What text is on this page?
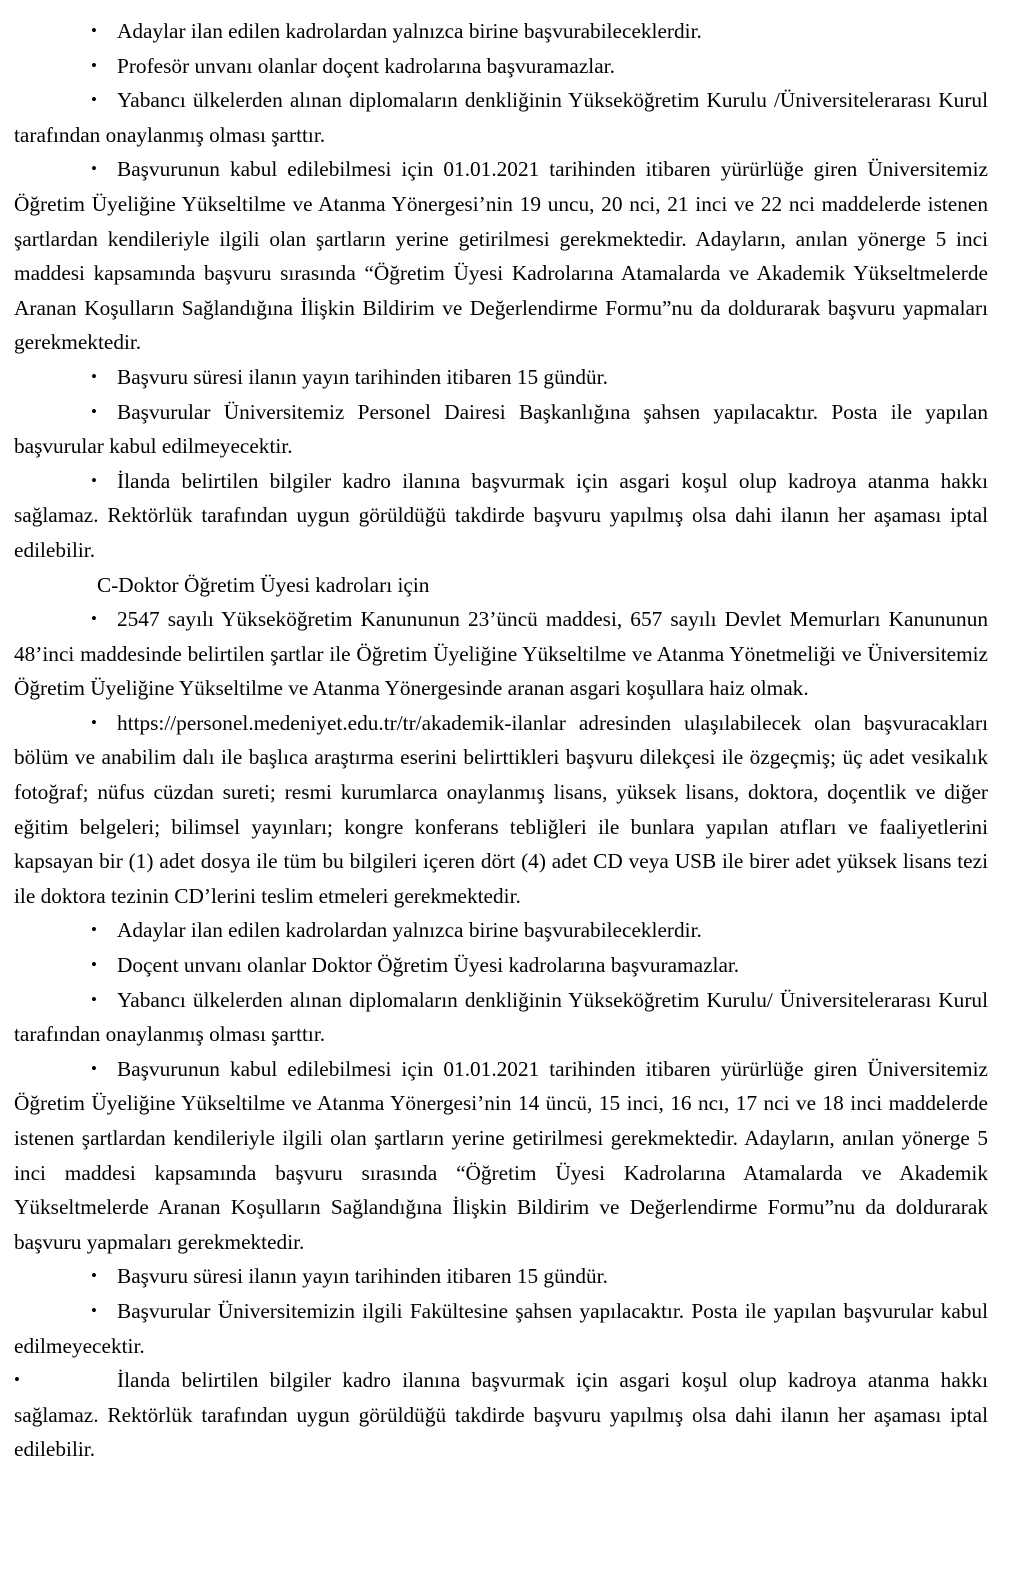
• Adaylar ilan edilen kadrolardan yalnızca birine başvurabileceklerdir.

• Profesör unvanı olanlar doçent kadrolarına başvuramazlar.

• Yabancı ülkelerden alınan diplomaların denkliğinin Yükseköğretim Kurulu /Üniversitelerarası Kurul tarafından onaylanmış olması şarttır.

• Başvurunun kabul edilebilmesi için 01.01.2021 tarihinden itibaren yürürlüğe giren Üniversitemiz Öğretim Üyeliğine Yükseltilme ve Atanma Yönergesi’nin 19 uncu, 20 nci, 21 inci ve 22 nci maddelerde istenen şartlardan kendileriyle ilgili olan şartların yerine getirilmesi gerekmektedir. Adayların, anılan yönerge 5 inci maddesi kapsamında başvuru sırasında “Öğretim Üyesi Kadrolarına Atamalarda ve Akademik Yükseltmelerde Aranan Koşulların Sağlandığına İlişkin Bildirim ve Değerlendirme Formu”nu da doldurarak başvuru yapmaları gerekmektedir.

• Başvuru süresi ilanın yayın tarihinden itibaren 15 gündür.

• Başvurular Üniversitemiz Personel Dairesi Başkanlığına şahsen yapılacaktır. Posta ile yapılan başvurular kabul edilmeyecektir.

• İlanda belirtilen bilgiler kadro ilanına başvurmak için asgari koşul olup kadroya atanma hakkı sağlamaz. Rektörlük tarafından uygun görüldüğü takdirde başvuru yapılmış olsa dahi ilanın her aşaması iptal edilebilir.

C-Doktor Öğretim Üyesi kadroları için

• 2547 sayılı Yükseköğretim Kanununun 23’üncü maddesi, 657 sayılı Devlet Memurları Kanununun 48’inci maddesinde belirtilen şartlar ile Öğretim Üyeliğine Yükseltilme ve Atanma Yönetmeliği ve Üniversitemiz Öğretim Üyeliğine Yükseltilme ve Atanma Yönergesinde aranan asgari koşullara haiz olmak.

• https://personel.medeniyet.edu.tr/tr/akademik-ilanlar adresinden ulaşılabilecek olan başvuracakları bölüm ve anabilim dalı ile başlıca araştırma eserini belirttikleri başvuru dilekçesi ile özgeçmiş; üç adet vesikalık fotoğraf; nüfus cüzdan sureti; resmi kurumlarca onaylanmış lisans, yüksek lisans, doktora, doçentlik ve diğer eğitim belgeleri; bilimsel yayınları; kongre konferans tebliğleri ile bunlara yapılan atıfları ve faaliyetlerini kapsayan bir (1) adet dosya ile tüm bu bilgileri içeren dört (4) adet CD veya USB ile birer adet yüksek lisans tezi ile doktora tezinin CD’lerini teslim etmeleri gerekmektedir.

• Adaylar ilan edilen kadrolardan yalnızca birine başvurabileceklerdir.

• Doçent unvanı olanlar Doktor Öğretim Üyesi kadrolarına başvuramazlar.

• Yabancı ülkelerden alınan diplomaların denkliğinin Yükseköğretim Kurulu/ Üniversitelerarası Kurul tarafından onaylanmış olması şarttır.

• Başvurunun kabul edilebilmesi için 01.01.2021 tarihinden itibaren yürürlüğe giren Üniversitemiz Öğretim Üyeliğine Yükseltilme ve Atanma Yönergesi’nin 14 üncü, 15 inci, 16 ncı, 17 nci ve 18 inci maddelerde istenen şartlardan kendileriyle ilgili olan şartların yerine getirilmesi gerekmektedir. Adayların, anılan yönerge 5 inci maddesi kapsamında başvuru sırasında “Öğretim Üyesi Kadrolarına Atamalarda ve Akademik Yükseltmelerde Aranan Koşulların Sağlandığına İlişkin Bildirim ve Değerlendirme Formu”nu da doldurarak başvuru yapmaları gerekmektedir.

• Başvuru süresi ilanın yayın tarihinden itibaren 15 gündür.

• Başvurular Üniversitemizin ilgili Fakültesine şahsen yapılacaktır. Posta ile yapılan başvurular kabul edilmeyecektir.

•	İlanda belirtilen bilgiler kadro ilanına başvurmak için asgari koşul olup kadroya atanma hakkı sağlamaz. Rektörlük tarafından uygun görüldüğü takdirde başvuru yapılmış olsa dahi ilanın her aşaması iptal edilebilir.
